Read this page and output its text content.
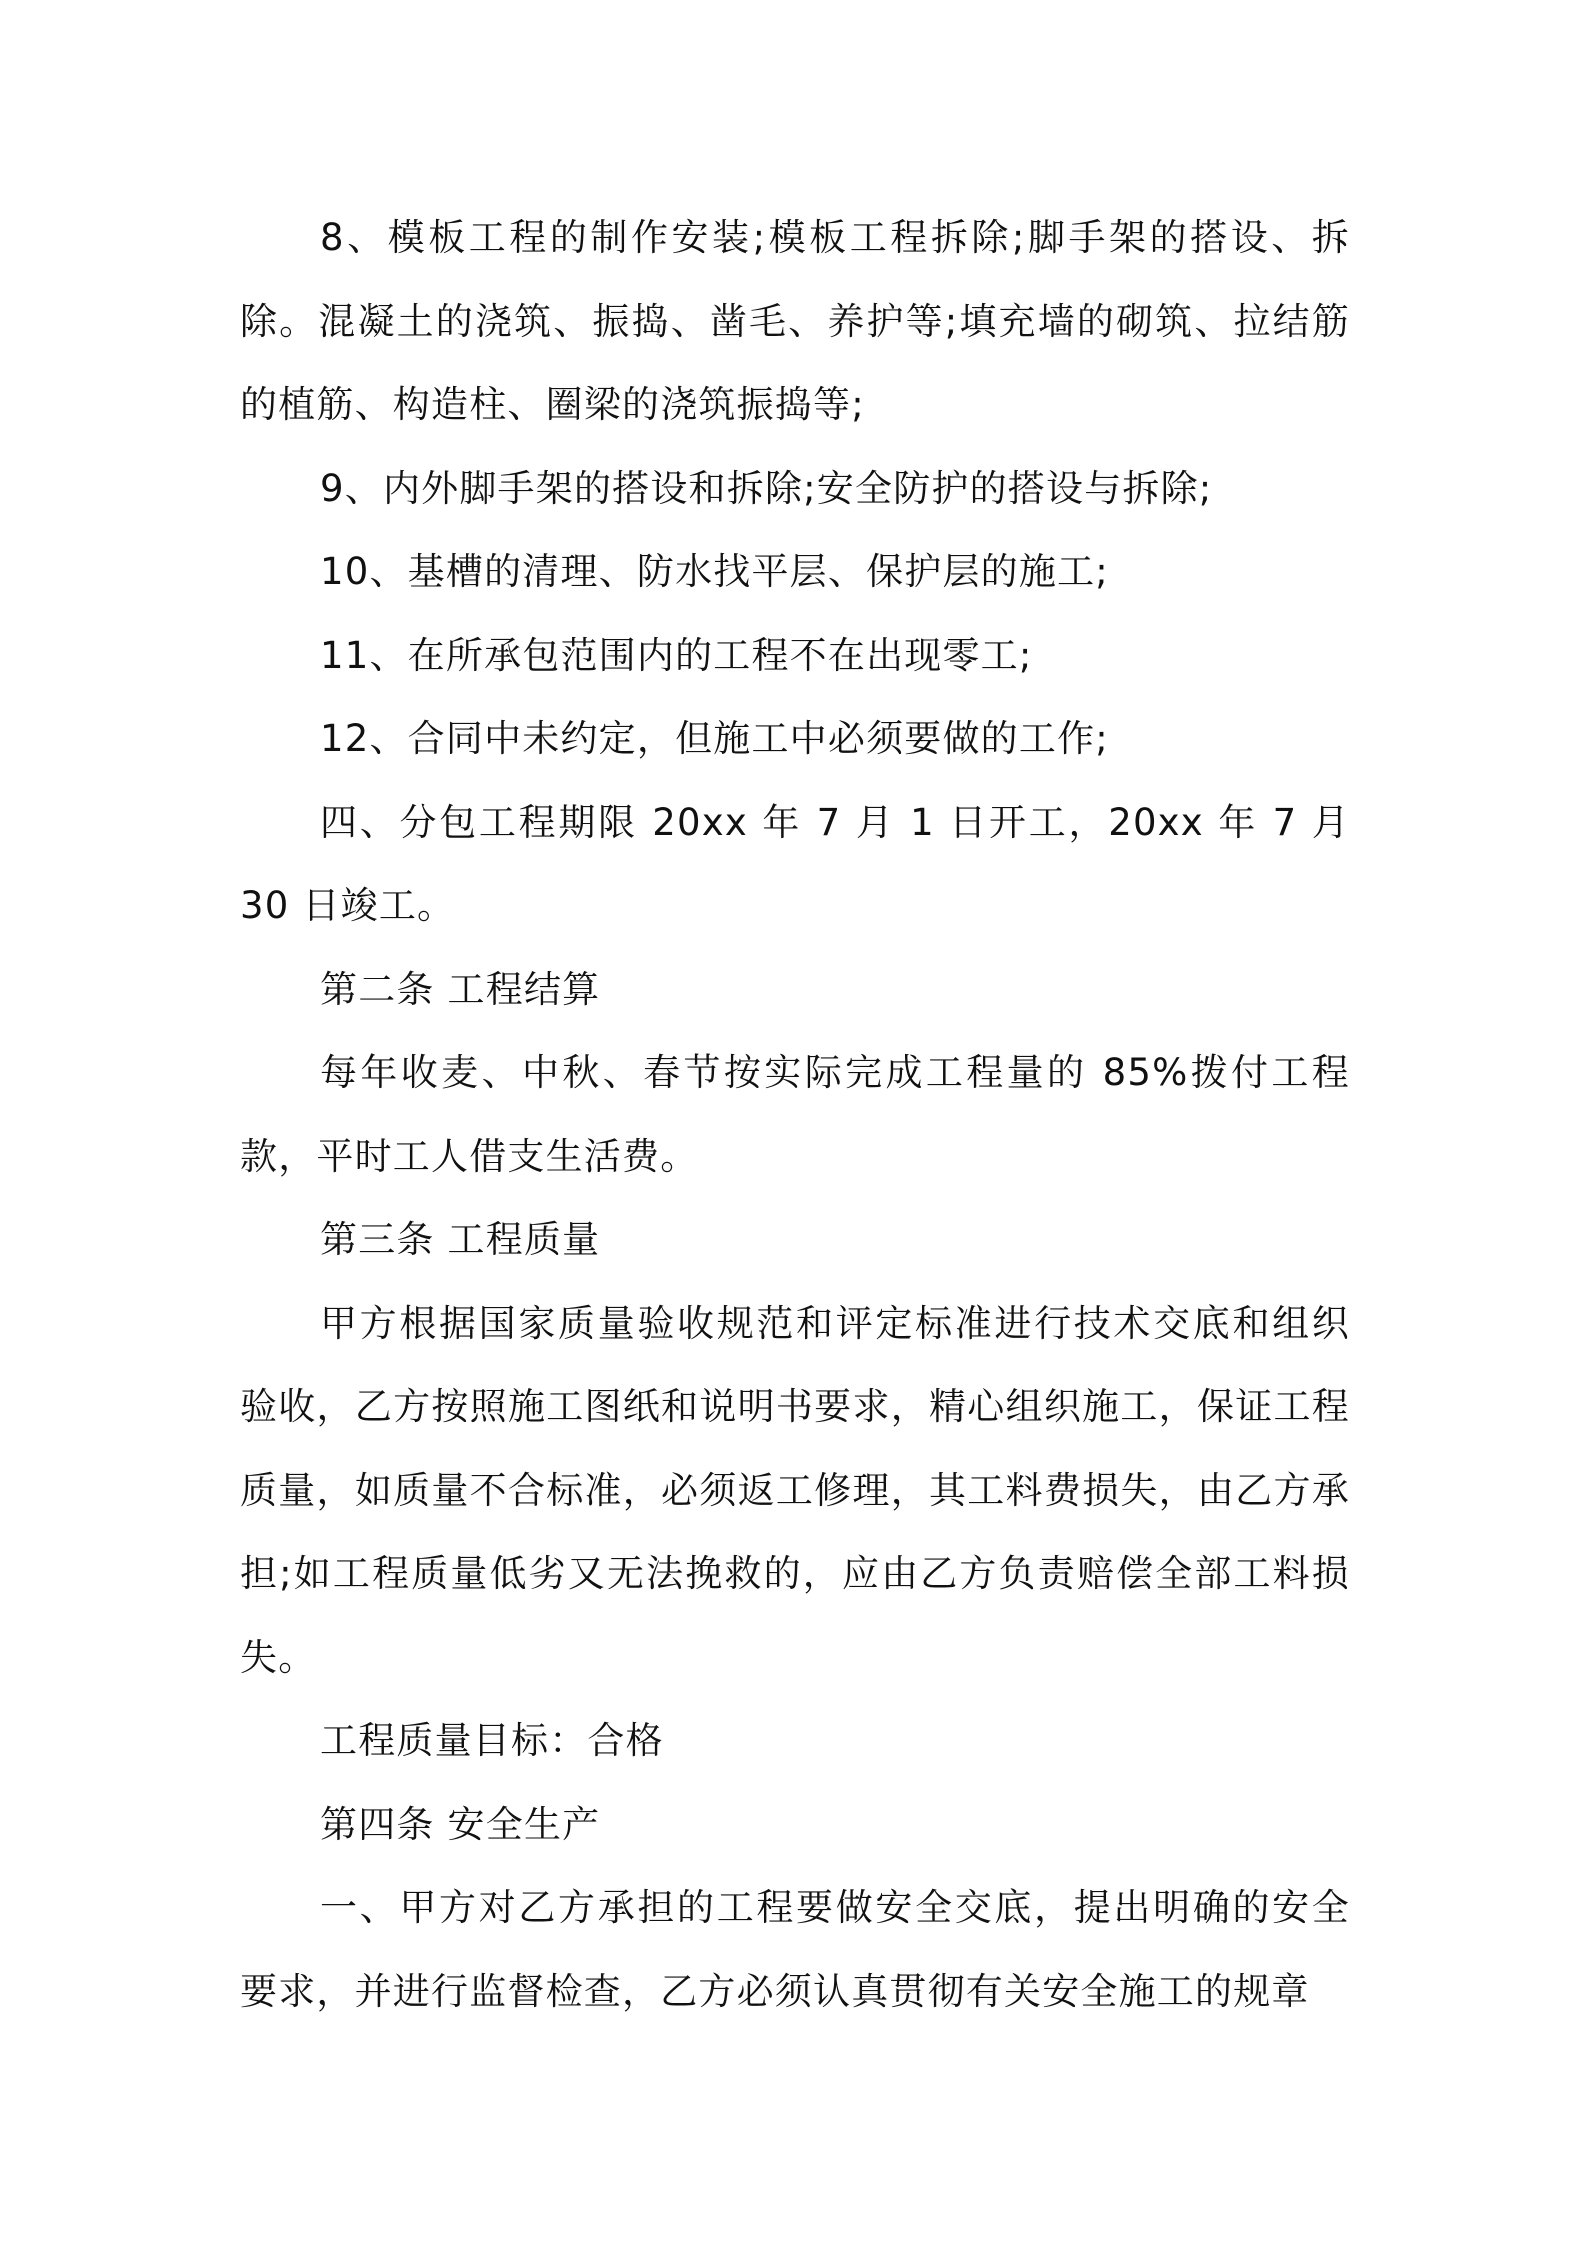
8、模板工程的制作安装;模板工程拆除;脚手架的搭设、拆除。混凝土的浇筑、振捣、凿毛、养护等;填充墙的砌筑、拉结筋的植筋、构造柱、圈梁的浇筑振捣等;

9、内外脚手架的搭设和拆除;安全防护的搭设与拆除;

10、基槽的清理、防水找平层、保护层的施工;

11、在所承包范围内的工程不在出现零工;

12、合同中未约定，但施工中必须要做的工作;

四、分包工程期限 20xx 年 7 月 1 日开工，20xx 年 7 月 30 日竣工。

第二条 工程结算

每年收麦、中秋、春节按实际完成工程量的 85%拨付工程款，平时工人借支生活费。

第三条 工程质量

甲方根据国家质量验收规范和评定标准进行技术交底和组织验收，乙方按照施工图纸和说明书要求，精心组织施工，保证工程质量，如质量不合标准，必须返工修理，其工料费损失，由乙方承担;如工程质量低劣又无法挽救的，应由乙方负责赔偿全部工料损失。

工程质量目标：合格

第四条 安全生产

一、甲方对乙方承担的工程要做安全交底，提出明确的安全要求，并进行监督检查，乙方必须认真贯彻有关安全施工的规章
